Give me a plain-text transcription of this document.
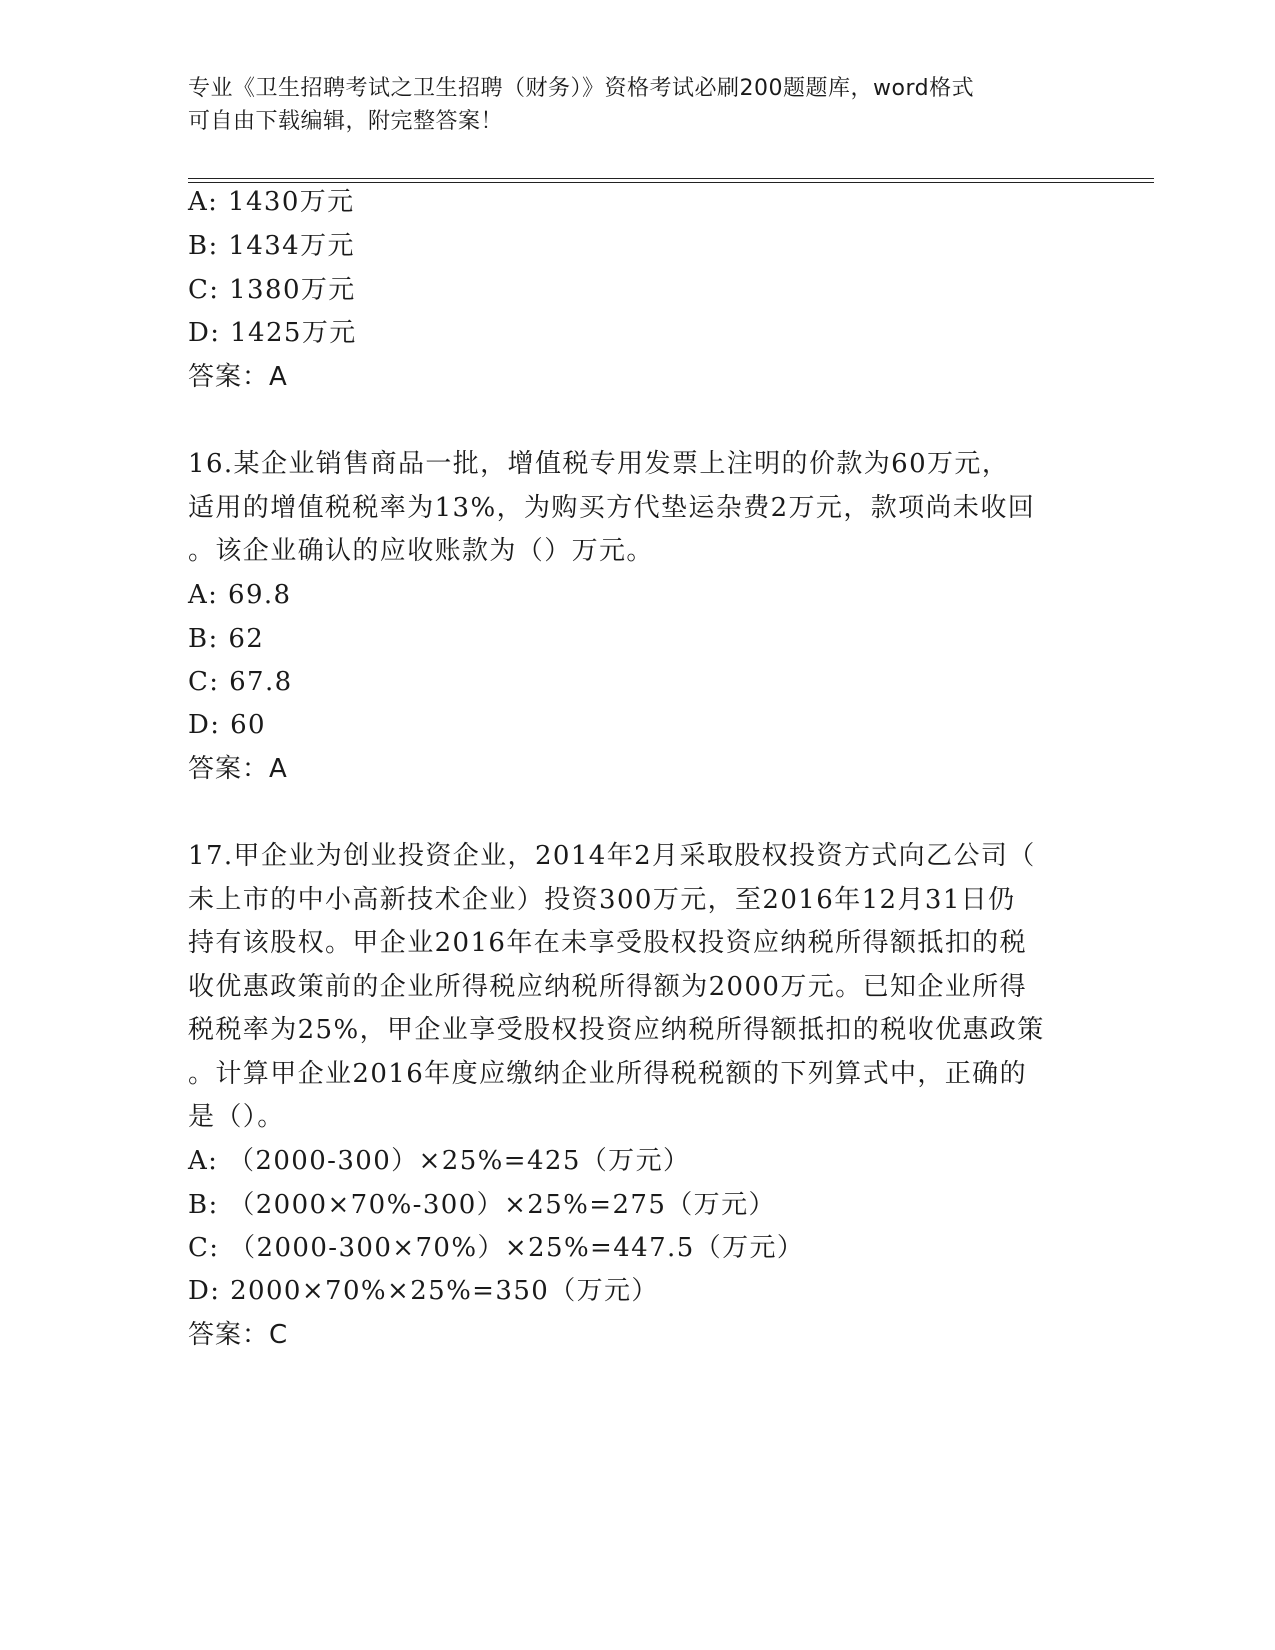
专业《卫生招聘考试之卫生招聘（财务）》资格考试必刷200题题库，word格式
可自由下载编辑，附完整答案！
A: 1430万元
B: 1434万元
C: 1380万元
D: 1425万元
答案：A
16.某企业销售商品一批，增值税专用发票上注明的价款为60万元，
适用的增值税税率为13%，为购买方代垫运杂费2万元，款项尚未收回
。该企业确认的应收账款为（）万元。
A: 69.8
B: 62
C: 67.8
D: 60
答案：A
17.甲企业为创业投资企业，2014年2月采取股权投资方式向乙公司（
未上市的中小高新技术企业）投资300万元，至2016年12月31日仍
持有该股权。甲企业2016年在未享受股权投资应纳税所得额抵扣的税
收优惠政策前的企业所得税应纳税所得额为2000万元。已知企业所得
税税率为25%，甲企业享受股权投资应纳税所得额抵扣的税收优惠政策
。计算甲企业2016年度应缴纳企业所得税税额的下列算式中，正确的
是（）。
A: （2000-300）×25%=425（万元）
B: （2000×70%-300）×25%=275（万元）
C: （2000-300×70%）×25%=447.5（万元）
D: 2000×70%×25%=350（万元）
答案：C
